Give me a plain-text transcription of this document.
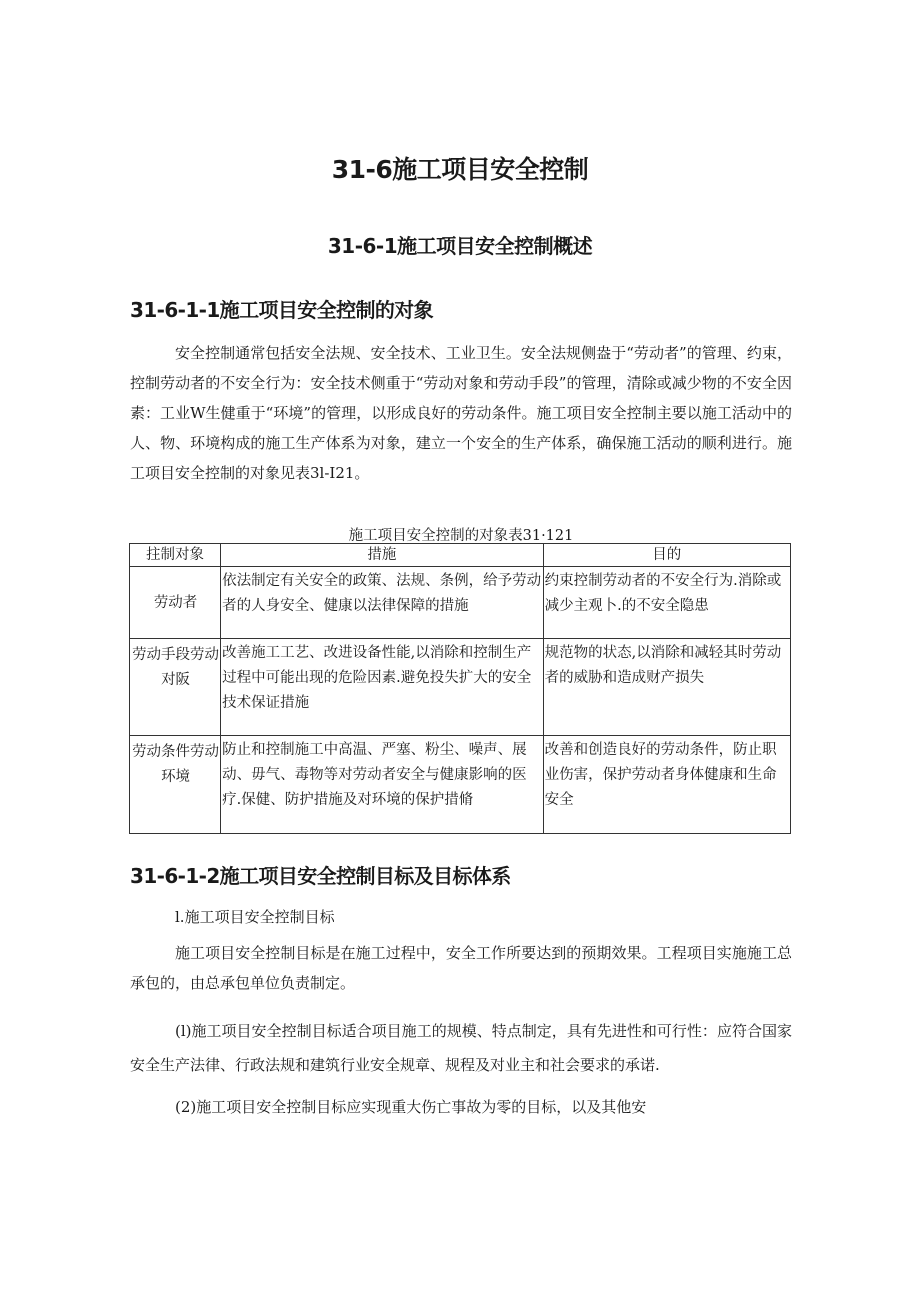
31-6施工项目安全控制
31-6-1施工项目安全控制概述
31-6-1-1施工项目安全控制的对象
安全控制通常包括安全法规、安全技术、工业卫生。安全法规侧盎于“劳动者”的管理、约束，控制劳动者的不安全行为：安全技术侧重于“劳动对象和劳动手段”的管理，清除或减少物的不安全因素：工业W生健重于“环境”的管理，以形成良好的劳动条件。施工项目安全控制主要以施工活动中的人、物、环境构成的施工生产体系为对象，建立一个安全的生产体系，确保施工活动的顺利进行。施工项目安全控制的对象见表3l-I21。
施工项目安全控制的对象表31·121
拄制对象	措施	目的
劳动者	依法制定有关安全的政策、法规、条例，给予劳动者的人身安全、健康以法律保障的措施	约束控制劳动者的不安全行为.消除或减少主观卜.的不安全隐患
劳动手段劳动对阪	改善施工工艺、改进设备性能,以消除和控制生产过程中可能出现的危险因素.避免投失扩大的安全技术保证措施	规范物的状态,以消除和减轻其时劳动者的威胁和造成财产损失
劳动条件劳动环境	防止和控制施工中高温、严塞、粉尘、噪声、展动、毋气、毒物等对劳动者安全与健康影响的医疗.保健、防护措施及对环境的保护措脩	改善和创造良好的劳动条件，防止职业伤害，保护劳动者身体健康和生命安全
31-6-1-2施工项目安全控制目标及目标体系
l.施工项目安全控制目标
施工项目安全控制目标是在施工过程中，安全工作所要达到的预期效果。工程项目实施施工总承包的，由总承包单位负责制定。
(l)施工项目安全控制目标适合项目施工的规模、特点制定，具有先进性和可行性：应符合国家安全生产法律、行政法规和建筑行业安全规章、规程及对业主和社会要求的承诺.
(2)施工项目安全控制目标应实现重大伤亡事故为零的目标，以及其他安
